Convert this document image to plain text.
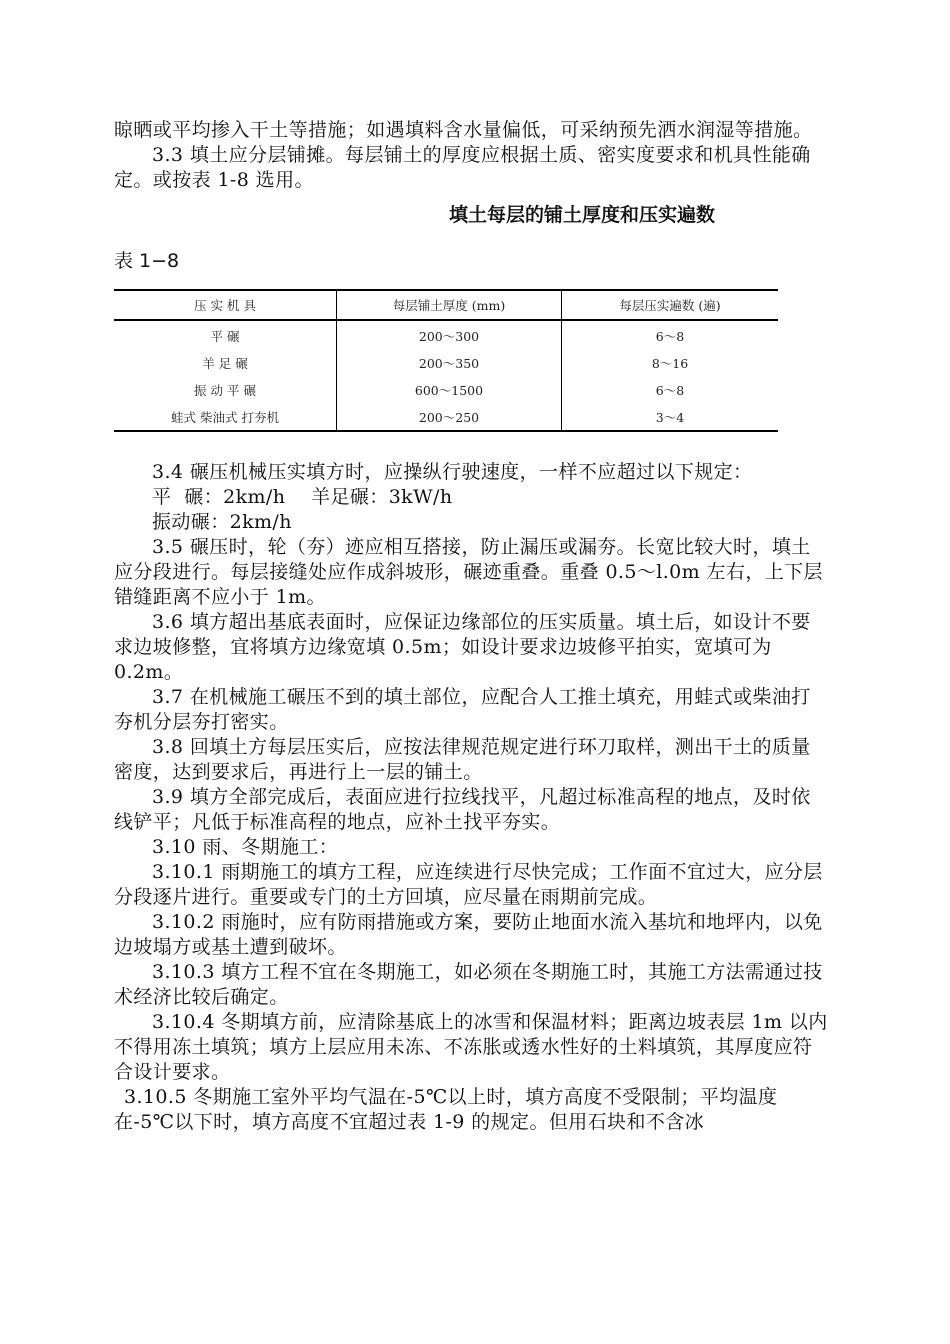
晾晒或平均掺入干土等措施；如遇填料含水量偏低，可采纳预先洒水润湿等措施。

3.3 填土应分层铺摊。每层铺土的厚度应根据土质、密实度要求和机具性能确定。或按表 1-8 选用。

填土每层的铺土厚度和压实遍数

表 1−8

压 实 机 具	每层铺土厚度 (mm)	每层压实遍数 (遍)
平 碾	200～300	6～8
羊 足 碾	200～350	8～16
振 动 平 碾	600～1500	6～8
蛙式 柴油式 打夯机	200～250	3～4

3.4 碾压机械压实填方时，应操纵行驶速度，一样不应超过以下规定：

平  碾：2km/h    羊足碾：3kW/h

振动碾：2km/h

3.5 碾压时，轮（夯）迹应相互搭接，防止漏压或漏夯。长宽比较大时，填土应分段进行。每层接缝处应作成斜坡形，碾迹重叠。重叠 0.5～l.0m 左右，上下层错缝距离不应小于 1m。

3.6 填方超出基底表面时，应保证边缘部位的压实质量。填土后，如设计不要求边坡修整，宜将填方边缘宽填 0.5m；如设计要求边坡修平拍实，宽填可为 0.2m。

3.7 在机械施工碾压不到的填土部位，应配合人工推土填充，用蛙式或柴油打夯机分层夯打密实。

3.8 回填土方每层压实后，应按法律规范规定进行环刀取样，测出干土的质量密度，达到要求后，再进行上一层的铺土。

3.9 填方全部完成后，表面应进行拉线找平，凡超过标准高程的地点，及时依线铲平；凡低于标准高程的地点，应补土找平夯实。

3.10 雨、冬期施工：

3.10.1 雨期施工的填方工程，应连续进行尽快完成；工作面不宜过大，应分层分段逐片进行。重要或专门的土方回填，应尽量在雨期前完成。

3.10.2 雨施时，应有防雨措施或方案，要防止地面水流入基坑和地坪内，以免边坡塌方或基土遭到破坏。

3.10.3 填方工程不宜在冬期施工，如必须在冬期施工时，其施工方法需通过技术经济比较后确定。

3.10.4 冬期填方前，应清除基底上的冰雪和保温材料；距离边坡表层 1m 以内不得用冻土填筑；填方上层应用未冻、不冻胀或透水性好的土料填筑，其厚度应符合设计要求。

3.10.5 冬期施工室外平均气温在-5℃以上时，填方高度不受限制；平均温度在-5℃以下时，填方高度不宜超过表 1-9 的规定。但用石块和不含冰
